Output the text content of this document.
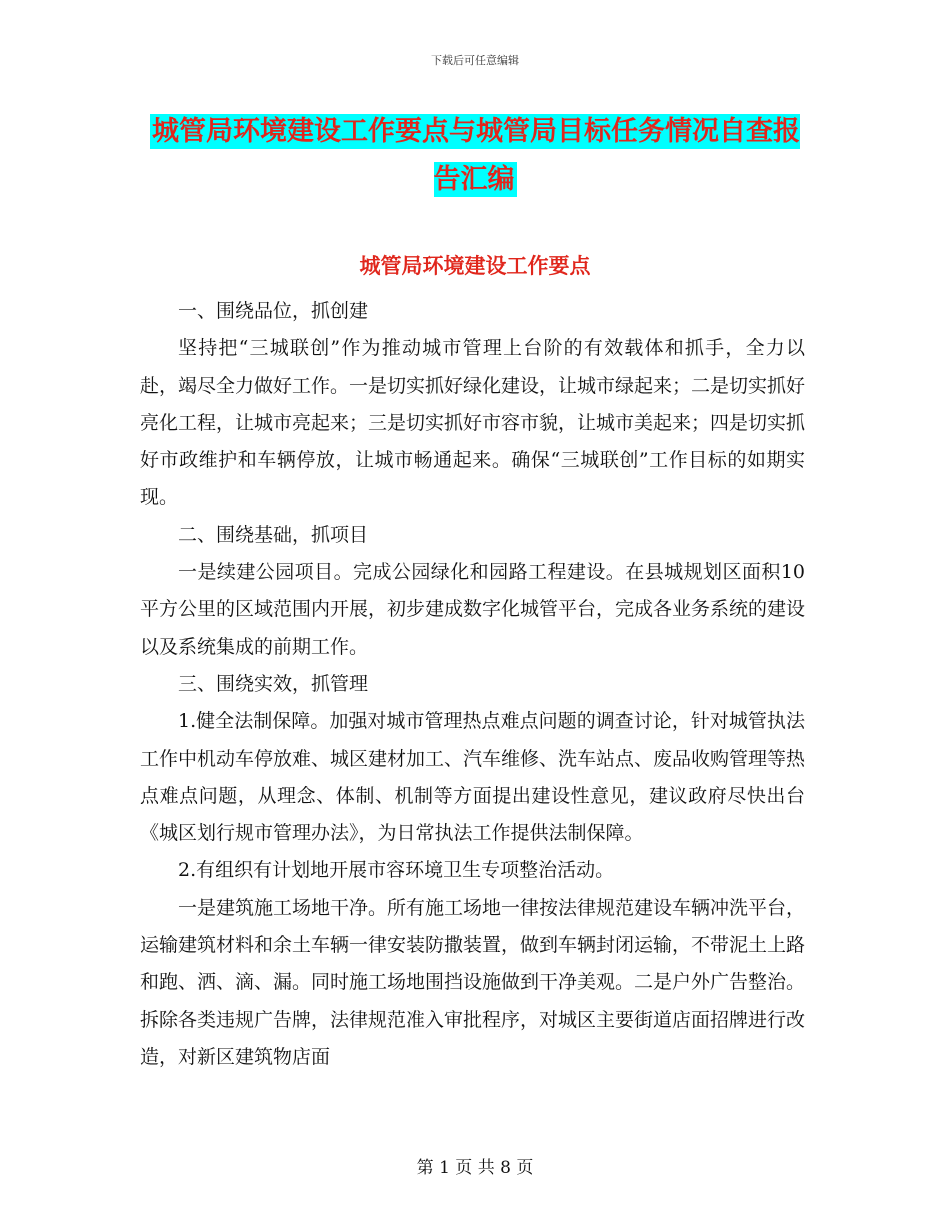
下载后可任意编辑
城管局环境建设工作要点与城管局目标任务情况自查报告汇编
城管局环境建设工作要点

一、围绕品位，抓创建

坚持把“三城联创”作为推动城市管理上台阶的有效载体和抓手，全力以赴，竭尽全力做好工作。一是切实抓好绿化建设，让城市绿起来；二是切实抓好亮化工程，让城市亮起来；三是切实抓好市容市貌，让城市美起来；四是切实抓好市政维护和车辆停放，让城市畅通起来。确保“三城联创”工作目标的如期实现。

二、围绕基础，抓项目

一是续建公园项目。完成公园绿化和园路工程建设。在县城规划区面积10平方公里的区域范围内开展，初步建成数字化城管平台，完成各业务系统的建设以及系统集成的前期工作。

三、围绕实效，抓管理

1.健全法制保障。加强对城市管理热点难点问题的调查讨论，针对城管执法工作中机动车停放难、城区建材加工、汽车维修、洗车站点、废品收购管理等热点难点问题，从理念、体制、机制等方面提出建设性意见，建议政府尽快出台《城区划行规市管理办法》，为日常执法工作提供法制保障。

2.有组织有计划地开展市容环境卫生专项整治活动。

一是建筑施工场地干净。所有施工场地一律按法律规范建设车辆冲洗平台，运输建筑材料和余土车辆一律安装防撒装置，做到车辆封闭运输，不带泥土上路和跑、洒、滴、漏。同时施工场地围挡设施做到干净美观。二是户外广告整治。拆除各类违规广告牌，法律规范准入审批程序，对城区主要街道店面招牌进行改造，对新区建筑物店面

第 1 页 共 8 页
